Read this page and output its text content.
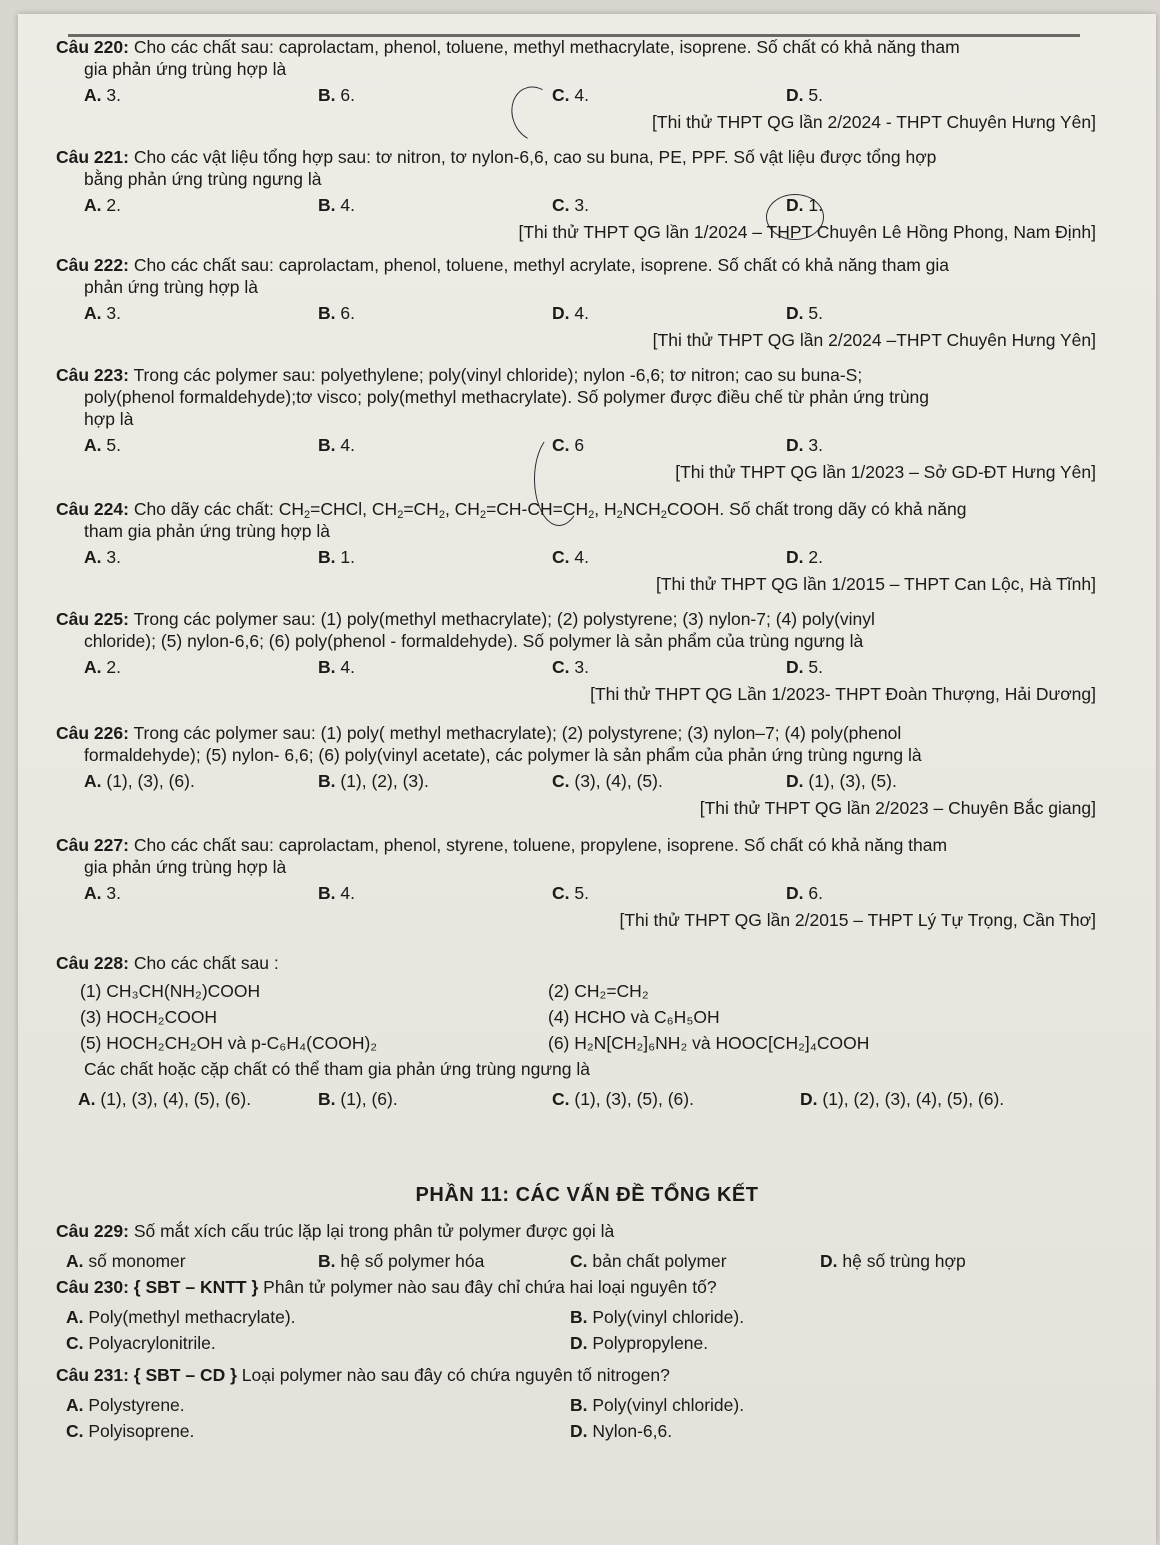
Câu 220: Cho các chất sau: caprolactam, phenol, toluene, methyl methacrylate, isoprene. Số chất có khả năng tham

gia phản ứng trùng hợp là

A. 3.	B. 6.	C. 4.	D. 5.
[Thi thử THPT QG lần 2/2024 - THPT Chuyên Hưng Yên]

Câu 221: Cho các vật liệu tổng hợp sau: tơ nitron, tơ nylon-6,6, cao su buna, PE, PPF. Số vật liệu được tổng hợp

bằng phản ứng trùng ngưng là

A. 2.	B. 4.	C. 3.	D. 1.
[Thi thử THPT QG lần 1/2024 – THPT Chuyên Lê Hồng Phong, Nam Định]

Câu 222: Cho các chất sau: caprolactam, phenol, toluene, methyl acrylate, isoprene. Số chất có khả năng tham gia

phản ứng trùng hợp là

A. 3.	B. 6.	D. 4.	D. 5.
[Thi thử THPT QG lần 2/2024 –THPT Chuyên Hưng Yên]

Câu 223: Trong các polymer sau: polyethylene; poly(vinyl chloride); nylon -6,6; tơ nitron; cao su buna-S;

poly(phenol formaldehyde);tơ visco; poly(methyl methacrylate). Số polymer được điều chế từ phản ứng trùng

hợp là

A. 5.	B. 4.	C. 6	D. 3.
[Thi thử THPT QG lần 1/2023 – Sở GD-ĐT Hưng Yên]

Câu 224: Cho dãy các chất: $CH_2=CHCl$, $CH_2=CH_2$, $CH_2=CH-CH=CH_2$, $H_2NCH_2COOH$. Số chất trong dãy có khả năng

tham gia phản ứng trùng hợp là

A. 3.	B. 1.	C. 4.	D. 2.
[Thi thử THPT QG lần 1/2015 – THPT Can Lộc, Hà Tĩnh]

Câu 225: Trong các polymer sau: (1) poly(methyl methacrylate); (2) polystyrene; (3) nylon-7; (4) poly(vinyl

chloride); (5) nylon-6,6; (6) poly(phenol - formaldehyde). Số polymer là sản phẩm của trùng ngưng là

A. 2.	B. 4.	C. 3.	D. 5.
[Thi thử THPT QG Lần 1/2023- THPT Đoàn Thượng, Hải Dương]

Câu 226: Trong các polymer sau: (1) poly( methyl methacrylate); (2) polystyrene; (3) nylon–7; (4) poly(phenol

formaldehyde); (5) nylon- 6,6; (6) poly(vinyl acetate), các polymer là sản phẩm của phản ứng trùng ngưng là

A. (1), (3), (6).	B. (1), (2), (3).	C. (3), (4), (5).	D. (1), (3), (5).
[Thi thử THPT QG lần 2/2023 – Chuyên Bắc giang]

Câu 227: Cho các chất sau: caprolactam, phenol, styrene, toluene, propylene, isoprene. Số chất có khả năng tham

gia phản ứng trùng hợp là

A. 3.	B. 4.	C. 5.	D. 6.
[Thi thử THPT QG lần 2/2015 – THPT Lý Tự Trọng, Cần Thơ]

Câu 228: Cho các chất sau :

(1) CH₃CH(NH₂)COOH	(2) CH₂=CH₂
(3) HOCH₂COOH	(4) HCHO và C₆H₅OH
(5) HOCH₂CH₂OH và p-C₆H₄(COOH)₂	(6) H₂N[CH₂]₆NH₂ và HOOC[CH₂]₄COOH

Các chất hoặc cặp chất có thể tham gia phản ứng trùng ngưng là

A. (1), (3), (4), (5), (6).	B. (1), (6).	C. (1), (3), (5), (6).	D. (1), (2), (3), (4), (5), (6).
PHẦN 11: CÁC VẤN ĐỀ TỔNG KẾT

Câu 229: Số mắt xích cấu trúc lặp lại trong phân tử polymer được gọi là

A. số monomer	B. hệ số polymer hóa	C. bản chất polymer	D. hệ số trùng hợp

Câu 230: { SBT – KNTT } Phân tử polymer nào sau đây chỉ chứa hai loại nguyên tố?

A. Poly(methyl methacrylate).	B. Poly(vinyl chloride).
C. Polyacrylonitrile.	D. Polypropylene.

Câu 231: { SBT – CD } Loại polymer nào sau đây có chứa nguyên tố nitrogen?

A. Polystyrene.	B. Poly(vinyl chloride).
C. Polyisoprene.	D. Nylon-6,6.
